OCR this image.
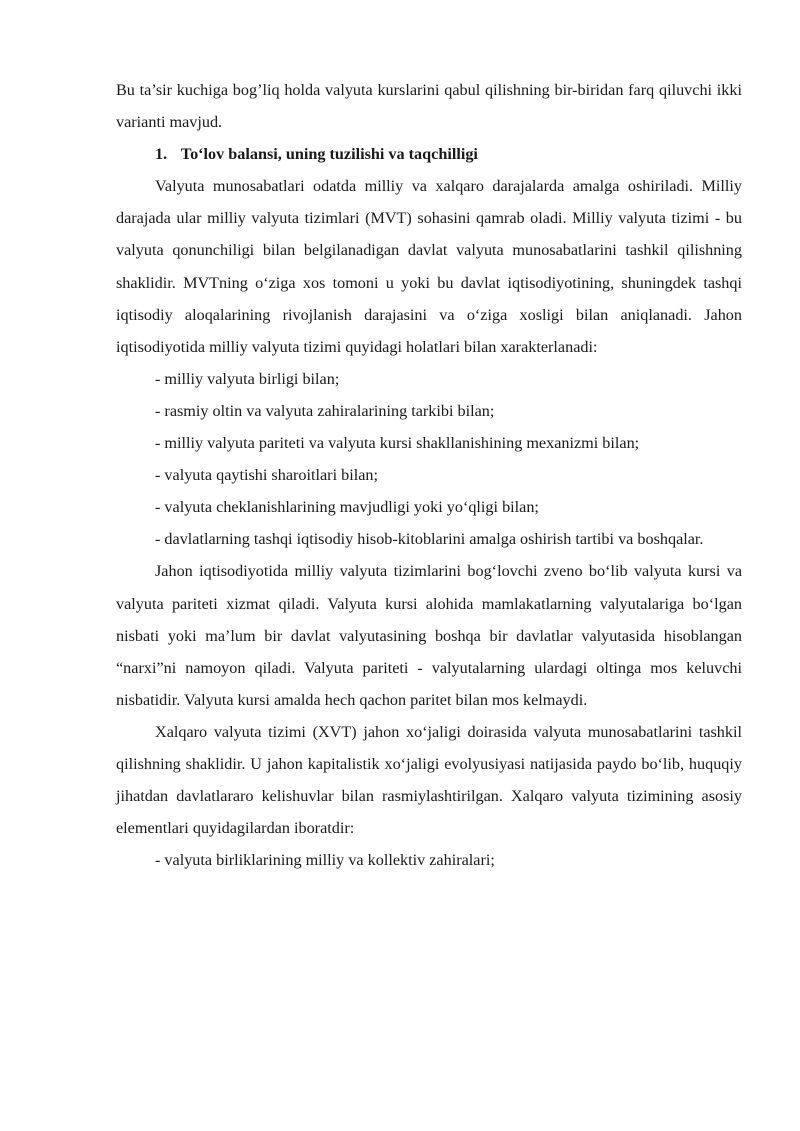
Bu ta’sir kuchiga bog’liq holda valyuta kurslarini qabul qilishning bir-biridan farq qiluvchi ikki varianti mavjud.

1. To‘lov balansi, uning tuzilishi va taqchilligi

Valyuta munosabatlari odatda milliy va xalqaro darajalarda amalga oshiriladi. Milliy darajada ular milliy valyuta tizimlari (MVT) sohasini qamrab oladi. Milliy valyuta tizimi - bu valyuta qonunchiligi bilan belgilanadigan davlat valyuta munosabatlarini tashkil qilishning shaklidir. MVTning o‘ziga xos tomoni u yoki bu davlat iqtisodiyotining, shuningdek tashqi iqtisodiy aloqalarining rivojlanish darajasini va o‘ziga xosligi bilan aniqlanadi. Jahon iqtisodiyotida milliy valyuta tizimi quyidagi holatlari bilan xarakterlanadi:

- milliy valyuta birligi bilan;

- rasmiy oltin va valyuta zahiralarining tarkibi bilan;

- milliy valyuta pariteti va valyuta kursi shakllanishining mexanizmi bilan;

- valyuta qaytishi sharoitlari bilan;

- valyuta cheklanishlarining mavjudligi yoki yo‘qligi bilan;

- davlatlarning tashqi iqtisodiy hisob-kitoblarini amalga oshirish tartibi va boshqalar.

Jahon iqtisodiyotida milliy valyuta tizimlarini bog‘lovchi zveno bo‘lib valyuta kursi va valyuta pariteti xizmat qiladi. Valyuta kursi alohida mamlakatlarning valyutalariga bo‘lgan nisbati yoki ma’lum bir davlat valyutasining boshqa bir davlatlar valyutasida hisoblangan “narxi”ni namoyon qiladi. Valyuta pariteti - valyutalarning ulardagi oltinga mos keluvchi nisbatidir. Valyuta kursi amalda hech qachon paritet bilan mos kelmaydi.

Xalqaro valyuta tizimi (XVT) jahon xo‘jaligi doirasida valyuta munosabatlarini tashkil qilishning shaklidir. U jahon kapitalistik xo‘jaligi evolyusiyasi natijasida paydo bo‘lib, huquqiy jihatdan davlatlararo kelishuvlar bilan rasmiylashtirilgan. Xalqaro valyuta tizimining asosiy elementlari quyidagilardan iboratdir:

- valyuta birliklarining milliy va kollektiv zahiralari;
